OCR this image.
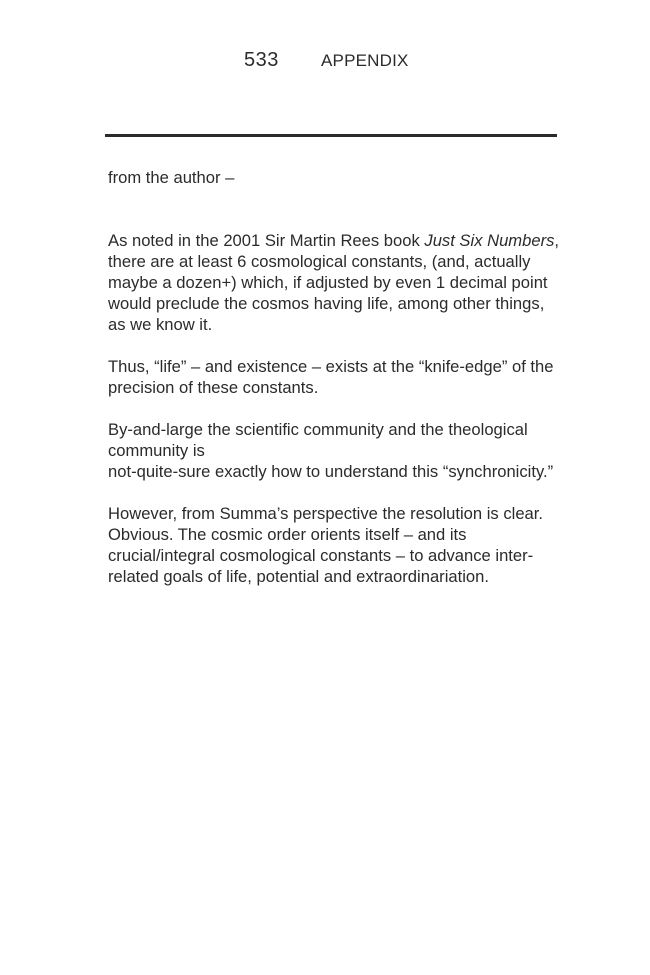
533 APPENDIX

from the author –

As noted in the 2001 Sir Martin Rees book Just Six Numbers, there are at least 6 cosmological constants, (and, actually maybe a dozen+) which, if adjusted by even 1 decimal point would preclude the cosmos having life, among other things, as we know it.

Thus, “life” – and existence – exists at the “knife-edge” of the precision of these constants.

By-and-large the scientific community and the theological community is
not-quite-sure exactly how to understand this “synchronicity.”

However, from Summa’s perspective the resolution is clear. Obvious. The cosmic order orients itself – and its crucial/integral cosmological constants – to advance inter-related goals of life, potential and extraordinariation.
